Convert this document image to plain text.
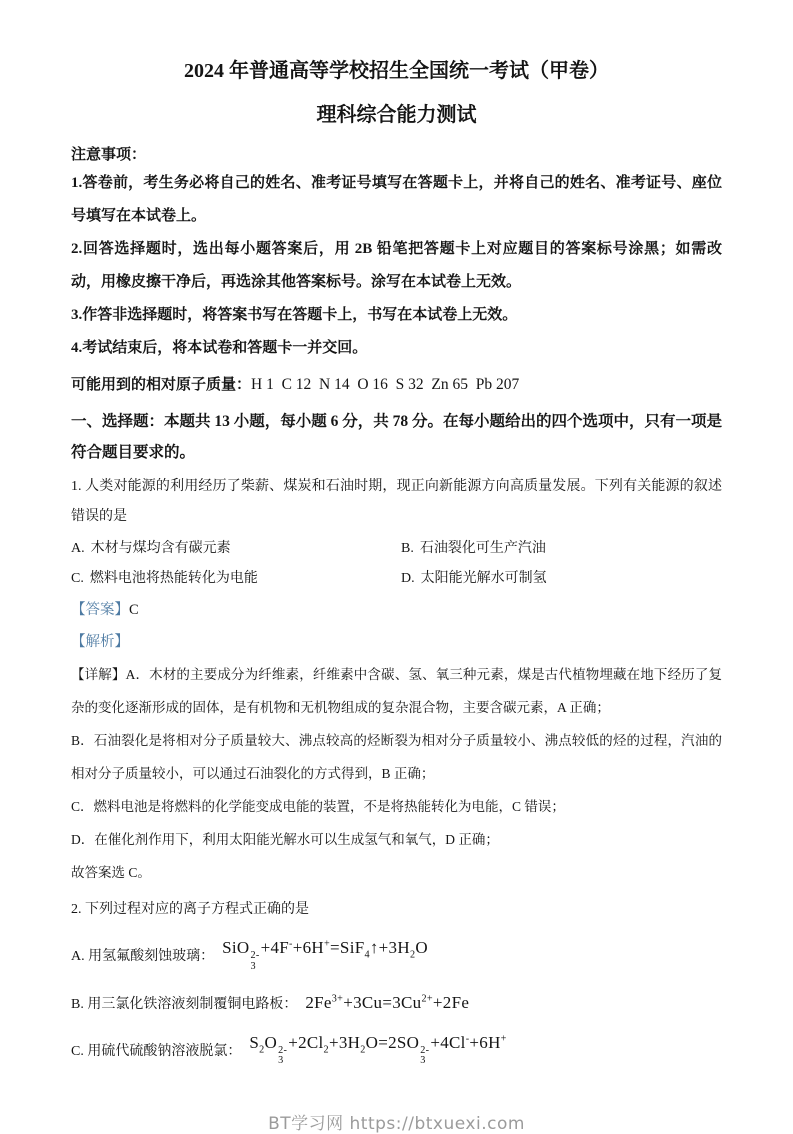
2024 年普通高等学校招生全国统一考试（甲卷）

理科综合能力测试

注意事项：

1.答卷前，考生务必将自己的姓名、准考证号填写在答题卡上，并将自己的姓名、准考证号、座位号填写在本试卷上。

2.回答选择题时，选出每小题答案后，用 2B 铅笔把答题卡上对应题目的答案标号涂黑；如需改动，用橡皮擦干净后，再选涂其他答案标号。涂写在本试卷上无效。

3.作答非选择题时，将答案书写在答题卡上，书写在本试卷上无效。

4.考试结束后，将本试卷和答题卡一并交回。

可能用到的相对原子质量：H 1  C 12  N 14  O 16  S 32  Zn 65  Pb 207

一、选择题：本题共 13 小题，每小题 6 分，共 78 分。在每小题给出的四个选项中，只有一项是符合题目要求的。

1. 人类对能源的利用经历了柴薪、煤炭和石油时期，现正向新能源方向高质量发展。下列有关能源的叙述错误的是

A. 木材与煤均含有碳元素	B. 石油裂化可生产汽油
C. 燃料电池将热能转化为电能	D. 太阳能光解水可制氢

【答案】C

【解析】

【详解】A．木材的主要成分为纤维素，纤维素中含碳、氢、氧三种元素，煤是古代植物埋藏在地下经历了复杂的变化逐渐形成的固体，是有机物和无机物组成的复杂混合物，主要含碳元素，A 正确；

B．石油裂化是将相对分子质量较大、沸点较高的烃断裂为相对分子质量较小、沸点较低的烃的过程，汽油的相对分子质量较小，可以通过石油裂化的方式得到，B 正确；

C．燃料电池是将燃料的化学能变成电能的装置，不是将热能转化为电能，C 错误；

D．在催化剂作用下，利用太阳能光解水可以生成氢气和氧气，D 正确；

故答案选 C。

2. 下列过程对应的离子方程式正确的是

A. 用氢氟酸刻蚀玻璃： SiO 2-
3
$+4F^-+6H^+=SiF_4↑+3H_2O$
B. 用三氯化铁溶液刻制覆铜电路板： $2Fe^{3+}+3Cu=3Cu^{2+}+2Fe$
C. 用硫代硫酸钠溶液脱氯： $S_2O$ 2-
3
$+2Cl_2+3H_2O=2SO$ 2-
3
+4Cl-+6H+

BT学习网 https://btxuexi.com
